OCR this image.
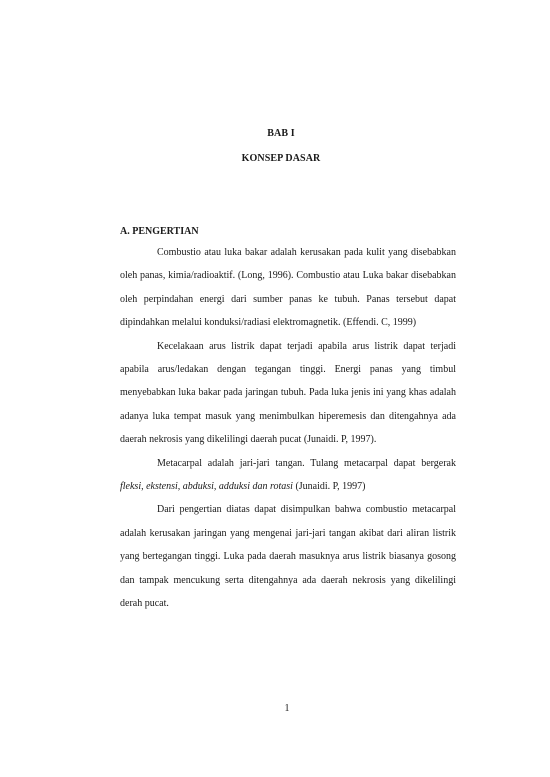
BAB I
KONSEP DASAR
A. PENGERTIAN

Combustio atau luka bakar adalah kerusakan pada kulit yang disebabkan oleh panas, kimia/radioaktif. (Long, 1996). Combustio atau Luka bakar disebabkan oleh perpindahan energi dari sumber panas ke tubuh. Panas tersebut dapat dipindahkan melalui konduksi/radiasi elektromagnetik. (Effendi. C, 1999)

Kecelakaan arus listrik dapat terjadi apabila arus listrik dapat terjadi apabila arus/ledakan dengan tegangan tinggi. Energi panas yang timbul menyebabkan luka bakar pada jaringan tubuh. Pada luka jenis ini yang khas adalah adanya luka tempat masuk yang menimbulkan hiperemesis dan ditengahnya ada daerah nekrosis yang dikelilingi daerah pucat (Junaidi. P, 1997).

Metacarpal adalah jari-jari tangan. Tulang metacarpal dapat bergerak fleksi, ekstensi, abduksi, adduksi dan rotasi (Junaidi. P, 1997)

Dari pengertian diatas dapat disimpulkan bahwa combustio metacarpal adalah kerusakan jaringan yang mengenai jari-jari tangan akibat dari aliran listrik yang bertegangan tinggi. Luka pada daerah masuknya arus listrik biasanya gosong dan tampak mencukung serta ditengahnya ada daerah nekrosis yang dikelilingi derah pucat.

1
